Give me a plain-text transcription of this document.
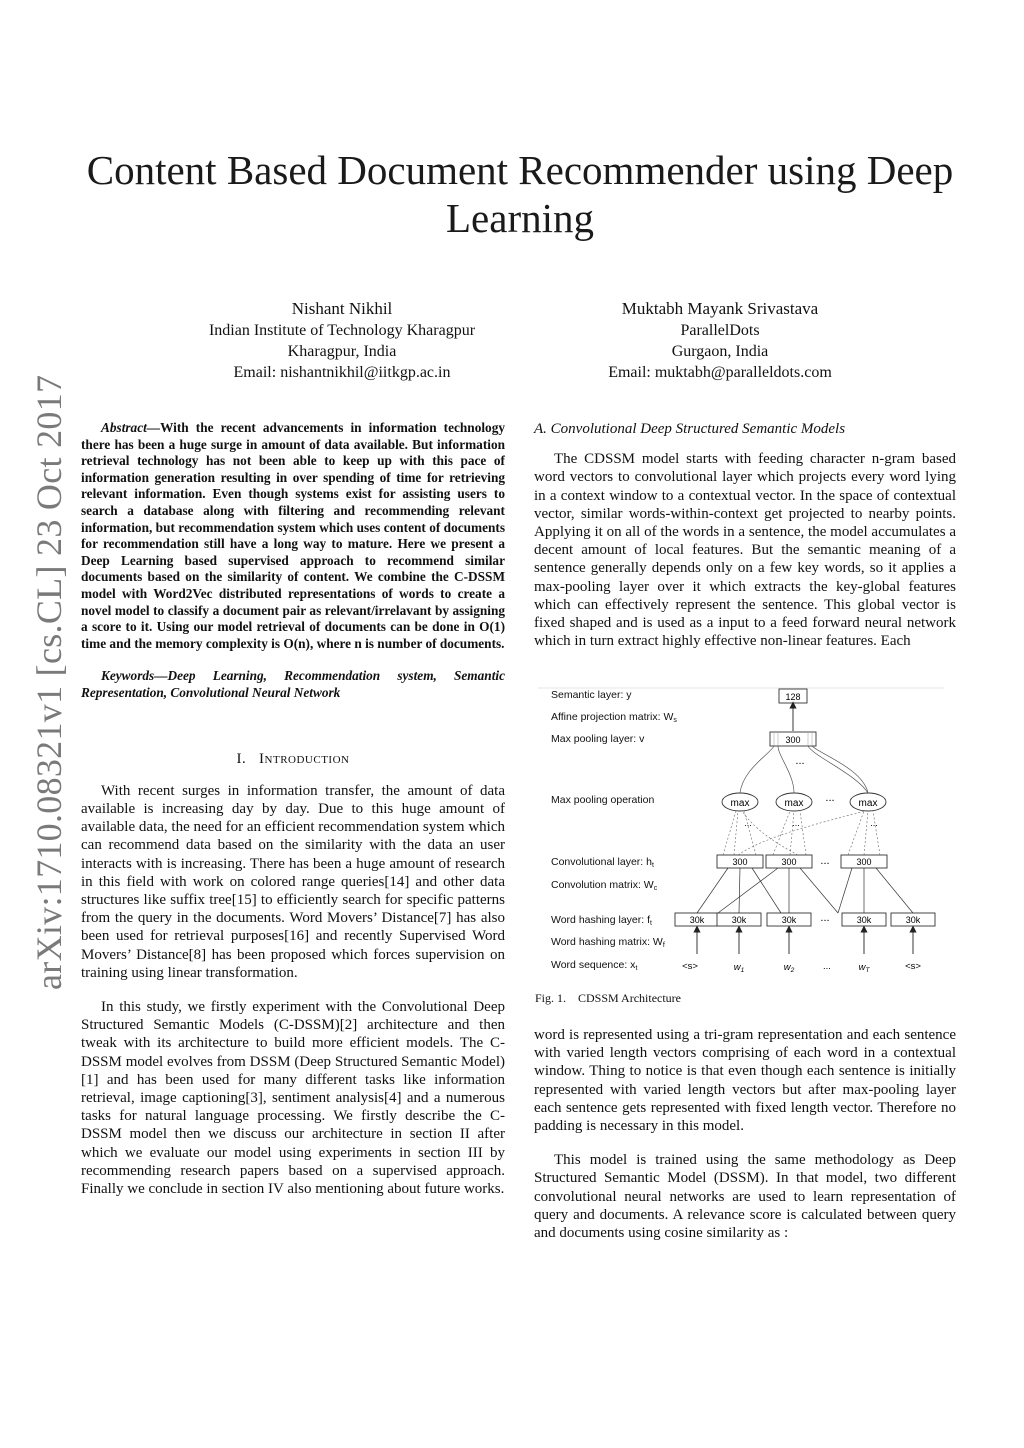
Content Based Document Recommender using Deep Learning
Nishant Nikhil
Indian Institute of Technology Kharagpur
Kharagpur, India
Email: nishantnikhil@iitkgp.ac.in
Muktabh Mayank Srivastava
ParallelDots
Gurgaon, India
Email: muktabh@paralleldots.com
arXiv:1710.08321v1 [cs.CL] 23 Oct 2017	Abstract—With the recent advancements in information technology there has been a huge surge in amount of data available. But information retrieval technology has not been able to keep up with this pace of information generation resulting in over spending of time for retrieving relevant information. Even though systems exist for assisting users to search a database along with filtering and recommending relevant information, but recommendation system which uses content of documents for recommendation still have a long way to mature. Here we present a Deep Learning based supervised approach to recommend similar documents based on the similarity of content. We combine the C-DSSM model with Word2Vec distributed representations of words to create a novel model to classify a document pair as relevant/irrelavant by assigning a score to it. Using our model retrieval of documents can be done in O(1) time and the memory complexity is O(n), where n is number of documents.

Keywords—Deep Learning, Recommendation system, Semantic Representation, Convolutional Neural Network

I. Introduction

With recent surges in information transfer, the amount of data available is increasing day by day. Due to this huge amount of available data, the need for an efficient recommendation system which can recommend data based on the similarity with the data an user interacts with is increasing. There has been a huge amount of research in this field with work on colored range queries[14] and other data structures like suffix tree[15] to efficiently search for specific patterns from the query in the documents. Word Movers’ Distance[7] has also been used for retrieval purposes[16] and recently Supervised Word Movers’ Distance[8] has been proposed which forces supervision on training using linear transformation.

In this study, we firstly experiment with the Convolutional Deep Structured Semantic Models (C-DSSM)[2] architecture and then tweak with its architecture to build more efficient models. The C-DSSM model evolves from DSSM (Deep Structured Semantic Model)[1] and has been used for many different tasks like information retrieval, image captioning[3], sentiment analysis[4] and a numerous tasks for natural language processing. We firstly describe the C-DSSM model then we discuss our architecture in section II after which we evaluate our model using experiments in section III by recommending research papers based on a supervised approach. Finally we conclude in section IV also mentioning about future works.

A. Convolutional Deep Structured Semantic Models

The CDSSM model starts with feeding character n-gram based word vectors to convolutional layer which projects every word lying in a context window to a contextual vector. In the space of contextual vector, similar words-within-context get projected to nearby points. Applying it on all of the words in a sentence, the model accumulates a decent amount of local features. But the semantic meaning of a sentence generally depends only on a few key words, so it applies a max-pooling layer over it which extracts the key-global features which can effectively represent the sentence. This global vector is fixed shaped and is used as a input to a feed forward neural network which in turn extract highly effective non-linear features. Each

Semantic layer: y
Affine projection matrix: Ws
Max pooling layer: v
Max pooling operation
Convolutional layer: ht
Convolution matrix: Wc
Word hashing layer: ft
Word hashing matrix: Wf
Word sequence: xt
128
300
...
max	max ... max
300	300 ...	300
...	...	...
30k	30k	30k ...	30k	30k
<s>	$w_1$	$w_2$	...	$w_T$	<s>
Fig. 1. CDSSM Architecture

word is represented using a tri-gram representation and each sentence with varied length vectors comprising of each word in a contextual window. Thing to notice is that even though each sentence is initially represented with varied length vectors but after max-pooling layer each sentence gets represented with fixed length vector. Therefore no padding is necessary in this model.

This model is trained using the same methodology as Deep Structured Semantic Model (DSSM). In that model, two different convolutional neural networks are used to learn representation of query and documents. A relevance score is calculated between query and documents using cosine similarity as :
